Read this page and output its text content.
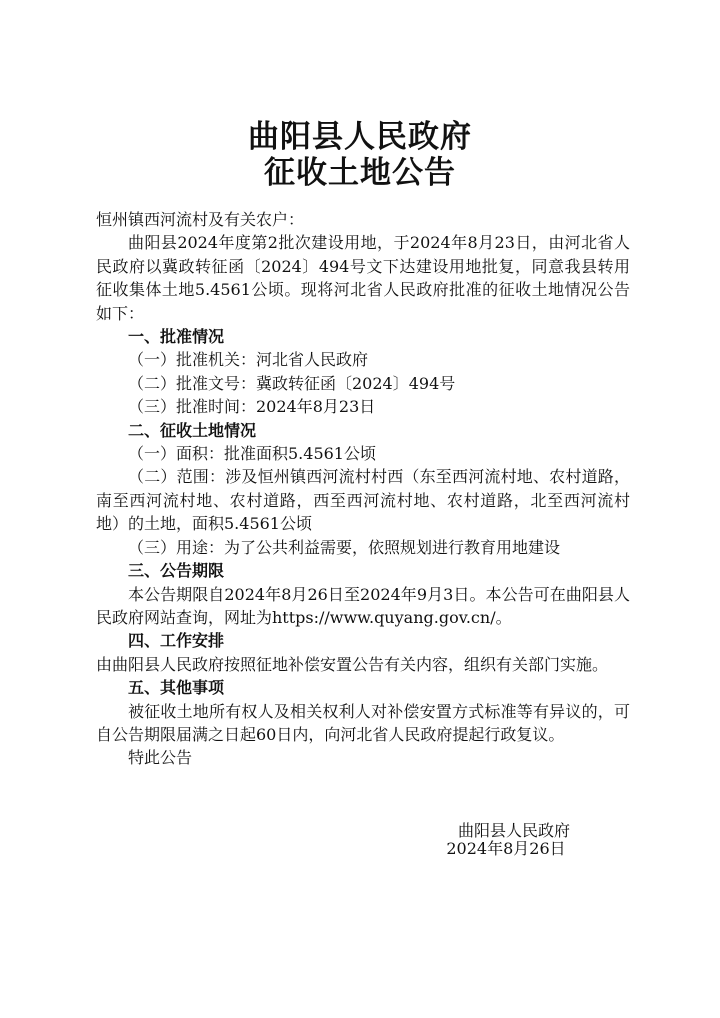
曲阳县人民政府
征收土地公告

恒州镇西河流村及有关农户：

曲阳县2024年度第2批次建设用地，于2024年8月23日，由河北省人民政府以冀政转征函〔2024〕494号文下达建设用地批复，同意我县转用征收集体土地5.4561公顷。现将河北省人民政府批准的征收土地情况公告如下：

一、批准情况

（一）批准机关：河北省人民政府

（二）批准文号：冀政转征函〔2024〕494号

（三）批准时间：2024年8月23日

二、征收土地情况

（一）面积：批准面积5.4561公顷

（二）范围：涉及恒州镇西河流村村西（东至西河流村地、农村道路，南至西河流村地、农村道路，西至西河流村地、农村道路，北至西河流村地）的土地，面积5.4561公顷

（三）用途：为了公共利益需要，依照规划进行教育用地建设

三、公告期限

本公告期限自2024年8月26日至2024年9月3日。本公告可在曲阳县人民政府网站查询，网址为https://www.quyang.gov.cn/。

四、工作安排

由曲阳县人民政府按照征地补偿安置公告有关内容，组织有关部门实施。

五、其他事项

被征收土地所有权人及相关权利人对补偿安置方式标准等有异议的，可自公告期限届满之日起60日内，向河北省人民政府提起行政复议。

特此公告

曲阳县人民政府

2024年8月26日
